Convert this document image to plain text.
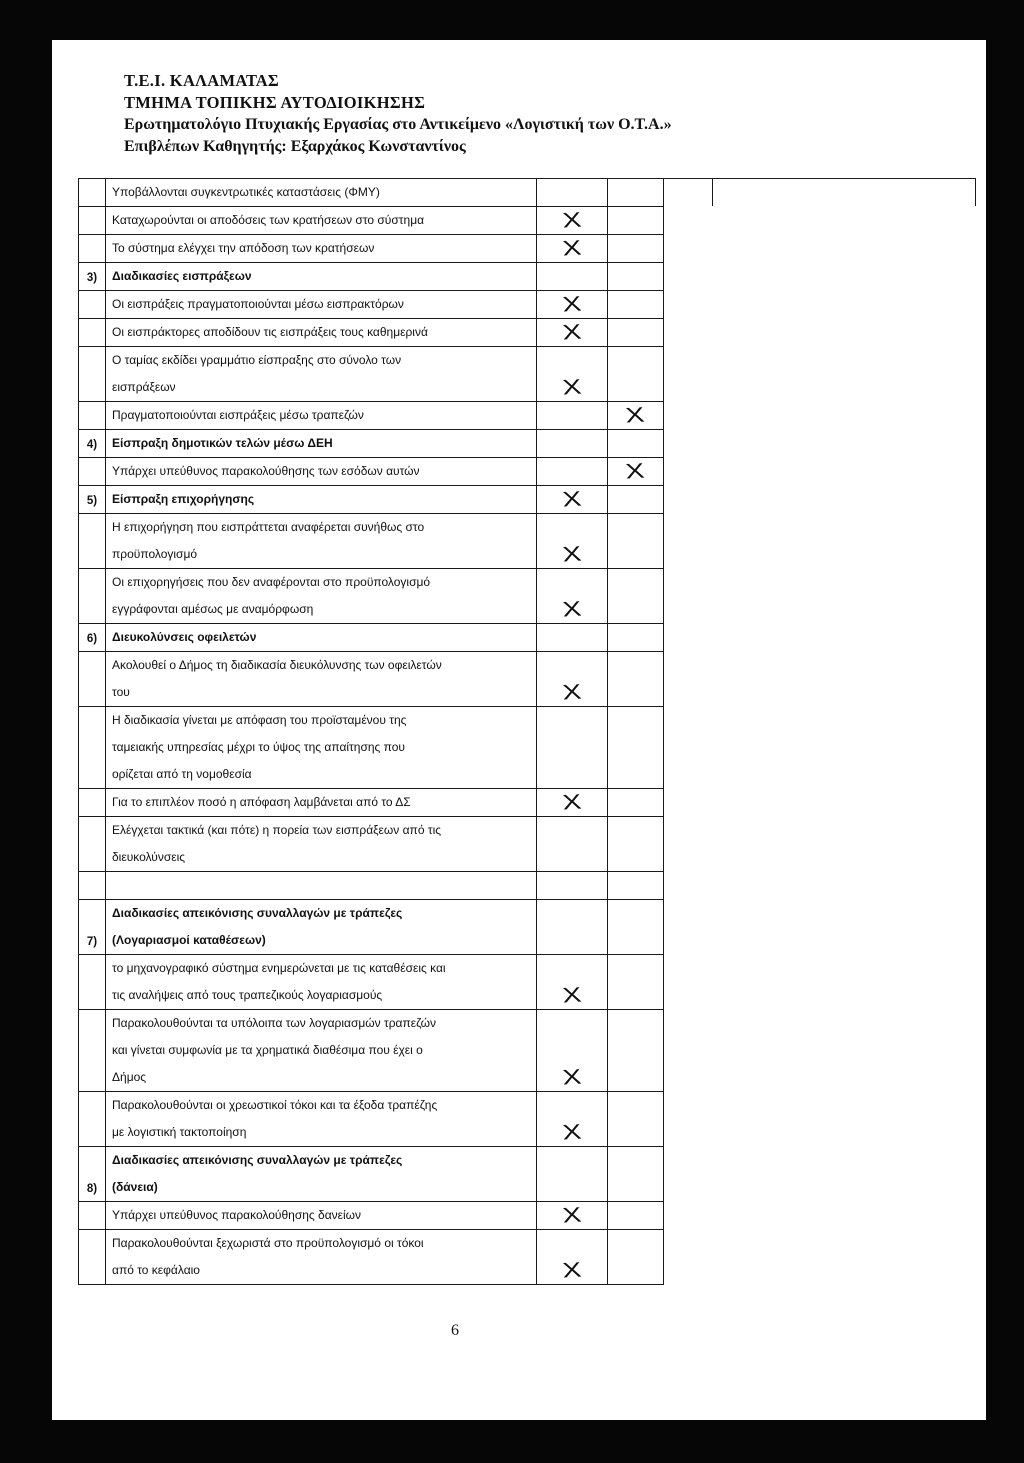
Τ.Ε.Ι. ΚΑΛΑΜΑΤΑΣ
ΤΜΗΜΑ ΤΟΠΙΚΗΣ ΑΥΤΟΔΙΟΙΚΗΣΗΣ
Ερωτηματολόγιο Πτυχιακής Εργασίας στο Αντικείμενο «Λογιστική των Ο.Τ.Α.»
Επιβλέπων Καθηγητής: Εξαρχάκος Κωνσταντίνος

	Υποβάλλονται συγκεντρωτικές καταστάσεις (ΦΜΥ)		

	Καταχωρούνται οι αποδόσεις των κρατήσεων στο σύστημα	X	

	Το σύστημα ελέγχει την απόδοση των κρατήσεων	X	
3)	Διαδικασίες εισπράξεων		

	Οι εισπράξεις πραγματοποιούνται μέσω εισπρακτόρων	X	

	Οι εισπράκτορες αποδίδουν τις εισπράξεις τους καθημερινά	X	

	Ο ταμίας εκδίδει γραμμάτιο είσπραξης στο σύνολο των
εισπράξεων	X	

	Πραγματοποιούνται εισπράξεις μέσω τραπεζών		X
4)	Είσπραξη δημοτικών τελών μέσω ΔΕΗ		

	Υπάρχει υπεύθυνος παρακολούθησης των εσόδων αυτών		X
5)	Είσπραξη επιχορήγησης	X	

	Η επιχορήγηση που εισπράττεται αναφέρεται συνήθως στο
προϋπολογισμό	X	

	Οι επιχορηγήσεις που δεν αναφέρονται στο προϋπολογισμό
εγγράφονται αμέσως με αναμόρφωση	X	
6)	Διευκολύνσεις οφειλετών		

	Ακολουθεί ο Δήμος τη διαδικασία διευκόλυνσης των οφειλετών
του	X	

	Η διαδικασία γίνεται με απόφαση του προϊσταμένου της
ταμειακής υπηρεσίας μέχρι το ύψος της απαίτησης που
ορίζεται από τη νομοθεσία		

	Για το επιπλέον ποσό η απόφαση λαμβάνεται από το ΔΣ	X	

	Ελέγχεται τακτικά (και πότε) η πορεία των εισπράξεων από τις
διευκολύνσεις		

7)	Διαδικασίες απεικόνισης συναλλαγών με τράπεζες
(Λογαριασμοί καταθέσεων)		

	το μηχανογραφικό σύστημα ενημερώνεται με τις καταθέσεις και
τις αναλήψεις από τους τραπεζικούς λογαριασμούς	X	

	Παρακολουθούνται τα υπόλοιπα των λογαριασμών τραπεζών
και γίνεται συμφωνία με τα χρηματικά διαθέσιμα που έχει ο
Δήμος	X	

	Παρακολουθούνται οι χρεωστικοί τόκοι και τα έξοδα τραπέζης
με λογιστική τακτοποίηση	X	
8)	Διαδικασίες απεικόνισης συναλλαγών με τράπεζες
(δάνεια)		

	Υπάρχει υπεύθυνος παρακολούθησης δανείων	X	

	Παρακολουθούνται ξεχωριστά στο προϋπολογισμό οι τόκοι
από το κεφάλαιο	X	
6
